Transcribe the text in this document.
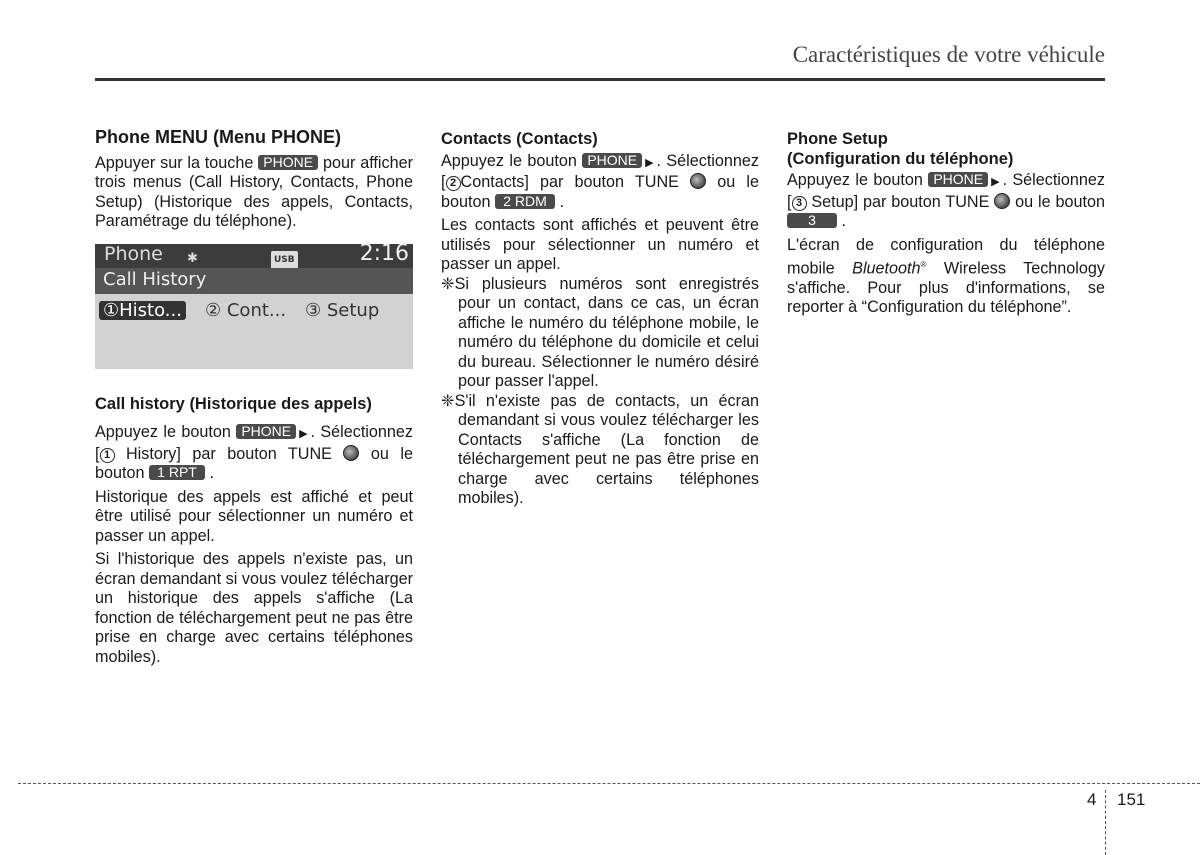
Caractéristiques de votre véhicule
Phone MENU (Menu PHONE)

Appuyer sur la touche PHONE pour afficher trois menus (Call History, Contacts, Phone Setup) (Historique des appels, Contacts, Paramétrage du téléphone).

Phone ✱	USB	2:16
Call History
①Histo... ② Cont... ③ Setup
Call history (Historique des appels)

Appuyez le bouton PHONE ▶ . Sélectionnez [ 1 History] par bouton TUNE ou le bouton 1 RPT .

Historique des appels est affiché et peut être utilisé pour sélectionner un numéro et passer un appel.

Si l'historique des appels n'existe pas, un écran demandant si vous voulez télécharger un historique des appels s'affiche (La fonction de téléchargement peut ne pas être prise en charge avec certains téléphones mobiles).

Contacts (Contacts)

Appuyez le bouton PHONE ▶ . Sélectionnez [ 2 Contacts] par bouton TUNE ou le bouton 2 RDM .

Les contacts sont affichés et peuvent être utilisés pour sélectionner un numéro et passer un appel.

❈Si plusieurs numéros sont enregistrés pour un contact, dans ce cas, un écran affiche le numéro du téléphone mobile, le numéro du téléphone du domicile et celui du bureau. Sélectionner le numéro désiré pour passer l'appel.

❈S'il n'existe pas de contacts, un écran demandant si vous voulez télécharger les Contacts s'affiche (La fonction de téléchargement peut ne pas être prise en charge avec certains téléphones mobiles).

Phone Setup
(Configuration du téléphone)

Appuyez le bouton PHONE ▶ . Sélectionnez [ 3 Setup] par bouton TUNE ou le bouton 3 .

L'écran de configuration du téléphone mobile Bluetooth® Wireless Technology s'affiche. Pour plus d'informations, se reporter à “Configuration du téléphone”.

4 151
